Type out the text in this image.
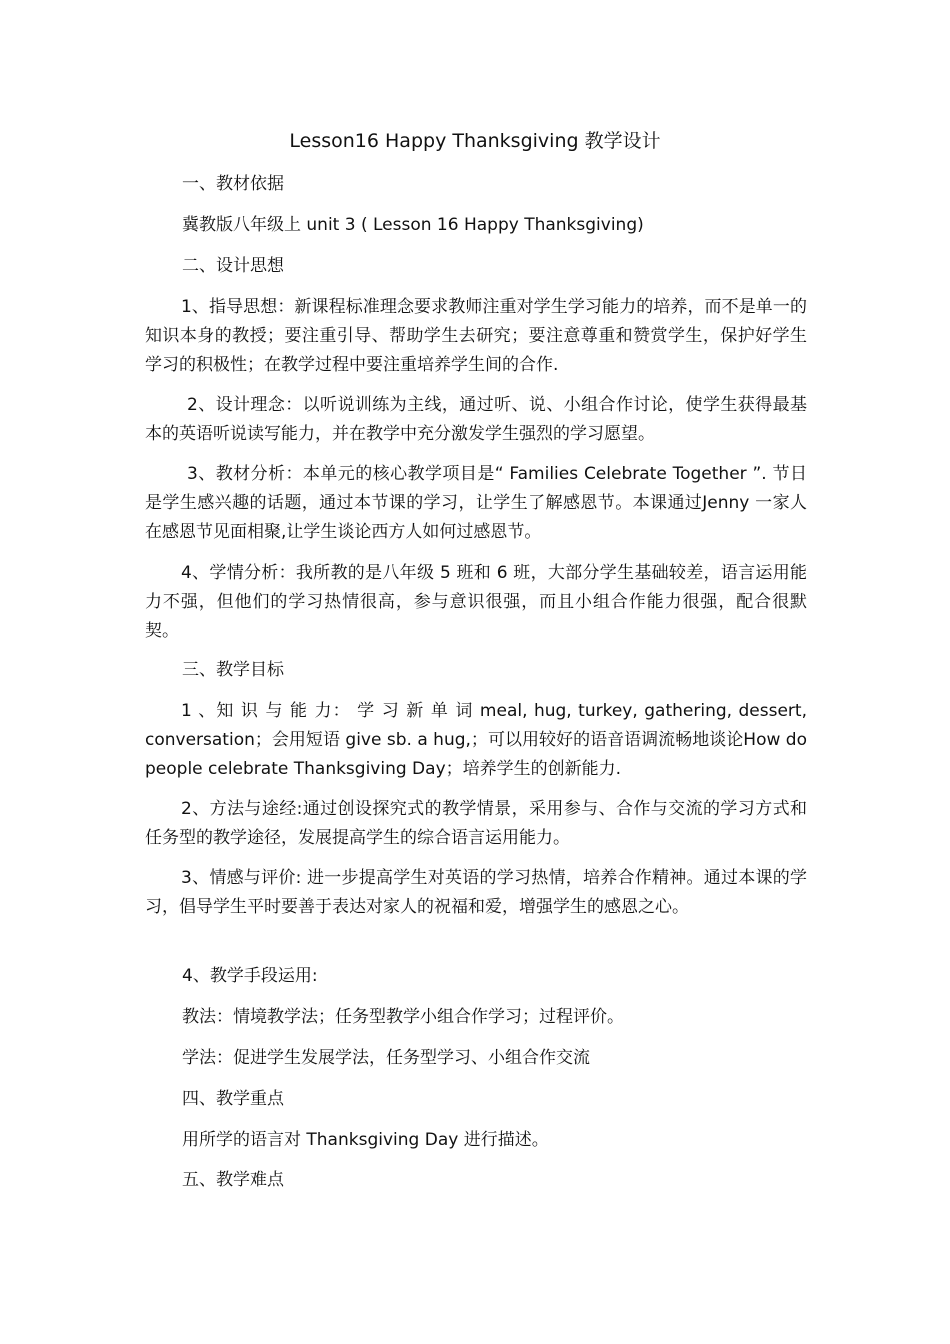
Lesson16 Happy Thanksgiving 教学设计
一、教材依据
冀教版八年级上 unit 3 ( Lesson 16 Happy Thanksgiving)
二、设计思想
1、指导思想：新课程标准理念要求教师注重对学生学习能力的培养，而不是单一的知识本身的教授；要注重引导、帮助学生去研究；要注意尊重和赞赏学生，保护好学生学习的积极性；在教学过程中要注重培养学生间的合作.
2、设计理念：以听说训练为主线，通过听、说、小组合作讨论，使学生获得最基本的英语听说读写能力，并在教学中充分激发学生强烈的学习愿望。
3、教材分析：本单元的核心教学项目是“ Families Celebrate Together ”. 节日是学生感兴趣的话题，通过本节课的学习，让学生了解感恩节。本课通过Jenny 一家人在感恩节见面相聚,让学生谈论西方人如何过感恩节。
4、学情分析：我所教的是八年级 5 班和 6 班，大部分学生基础较差，语言运用能力不强，但他们的学习热情很高，参与意识很强，而且小组合作能力很强，配合很默契。
三、教学目标
1 、知 识 与 能 力： 学 习 新 单 词 meal, hug, turkey, gathering, dessert, conversation；会用短语 give sb. a hug,；可以用较好的语音语调流畅地谈论How do people celebrate Thanksgiving Day；培养学生的创新能力.
2、方法与途经:通过创设探究式的教学情景，采用参与、合作与交流的学习方式和任务型的教学途径，发展提高学生的综合语言运用能力。
3、情感与评价: 进一步提高学生对英语的学习热情，培养合作精神。通过本课的学习，倡导学生平时要善于表达对家人的祝福和爱，增强学生的感恩之心。
4、教学手段运用:
教法：情境教学法；任务型教学小组合作学习；过程评价。
学法：促进学生发展学法，任务型学习、小组合作交流
四、教学重点
用所学的语言对 Thanksgiving Day 进行描述。
五、教学难点
